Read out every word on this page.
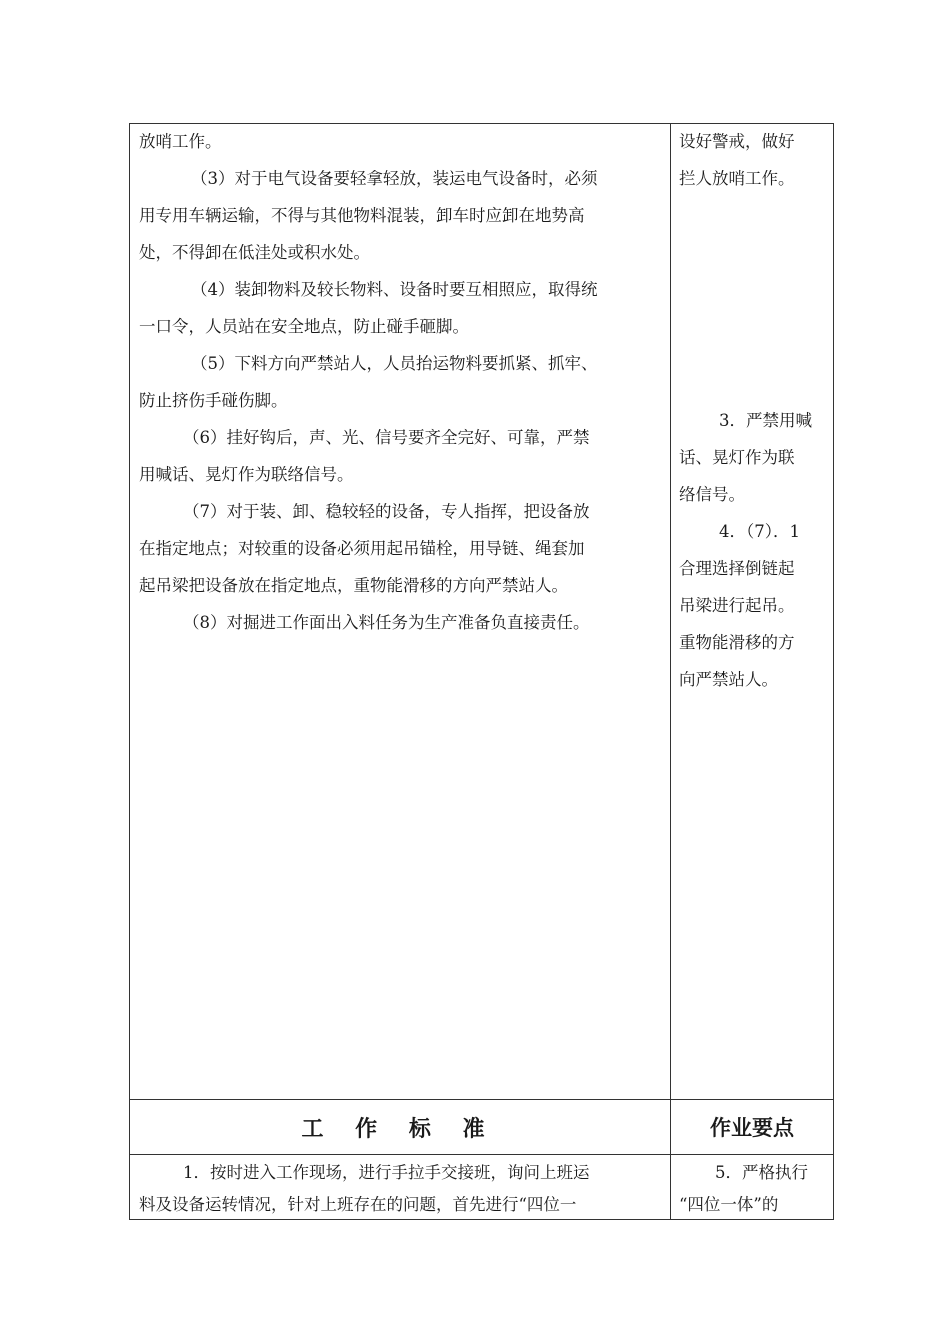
放哨工作。

（3）对于电气设备要轻拿轻放，装运电气设备时，必须

用专用车辆运输，不得与其他物料混装，卸车时应卸在地势高

处，不得卸在低洼处或积水处。

（4）装卸物料及较长物料、设备时要互相照应，取得统

一口令，人员站在安全地点，防止碰手砸脚。

（5）下料方向严禁站人，人员抬运物料要抓紧、抓牢、

防止挤伤手碰伤脚。

（6）挂好钩后，声、光、信号要齐全完好、可靠，严禁

用喊话、晃灯作为联络信号。

（7）对于装、卸、稳较轻的设备，专人指挥，把设备放

在指定地点；对较重的设备必须用起吊锚栓，用导链、绳套加

起吊梁把设备放在指定地点，重物能滑移的方向严禁站人。

（8）对掘进工作面出入料任务为生产准备负直接责任。

设好警戒，做好

拦人放哨工作。

3．严禁用喊

话、晃灯作为联

络信号。

4．（7）．1

合理选择倒链起

吊梁进行起吊。

重物能滑移的方

向严禁站人。

工 作 标 准	作业要点

1．按时进入工作现场，进行手拉手交接班，询问上班运

料及设备运转情况，针对上班存在的问题，首先进行“四位一

5．严格执行

“四位一体”的
